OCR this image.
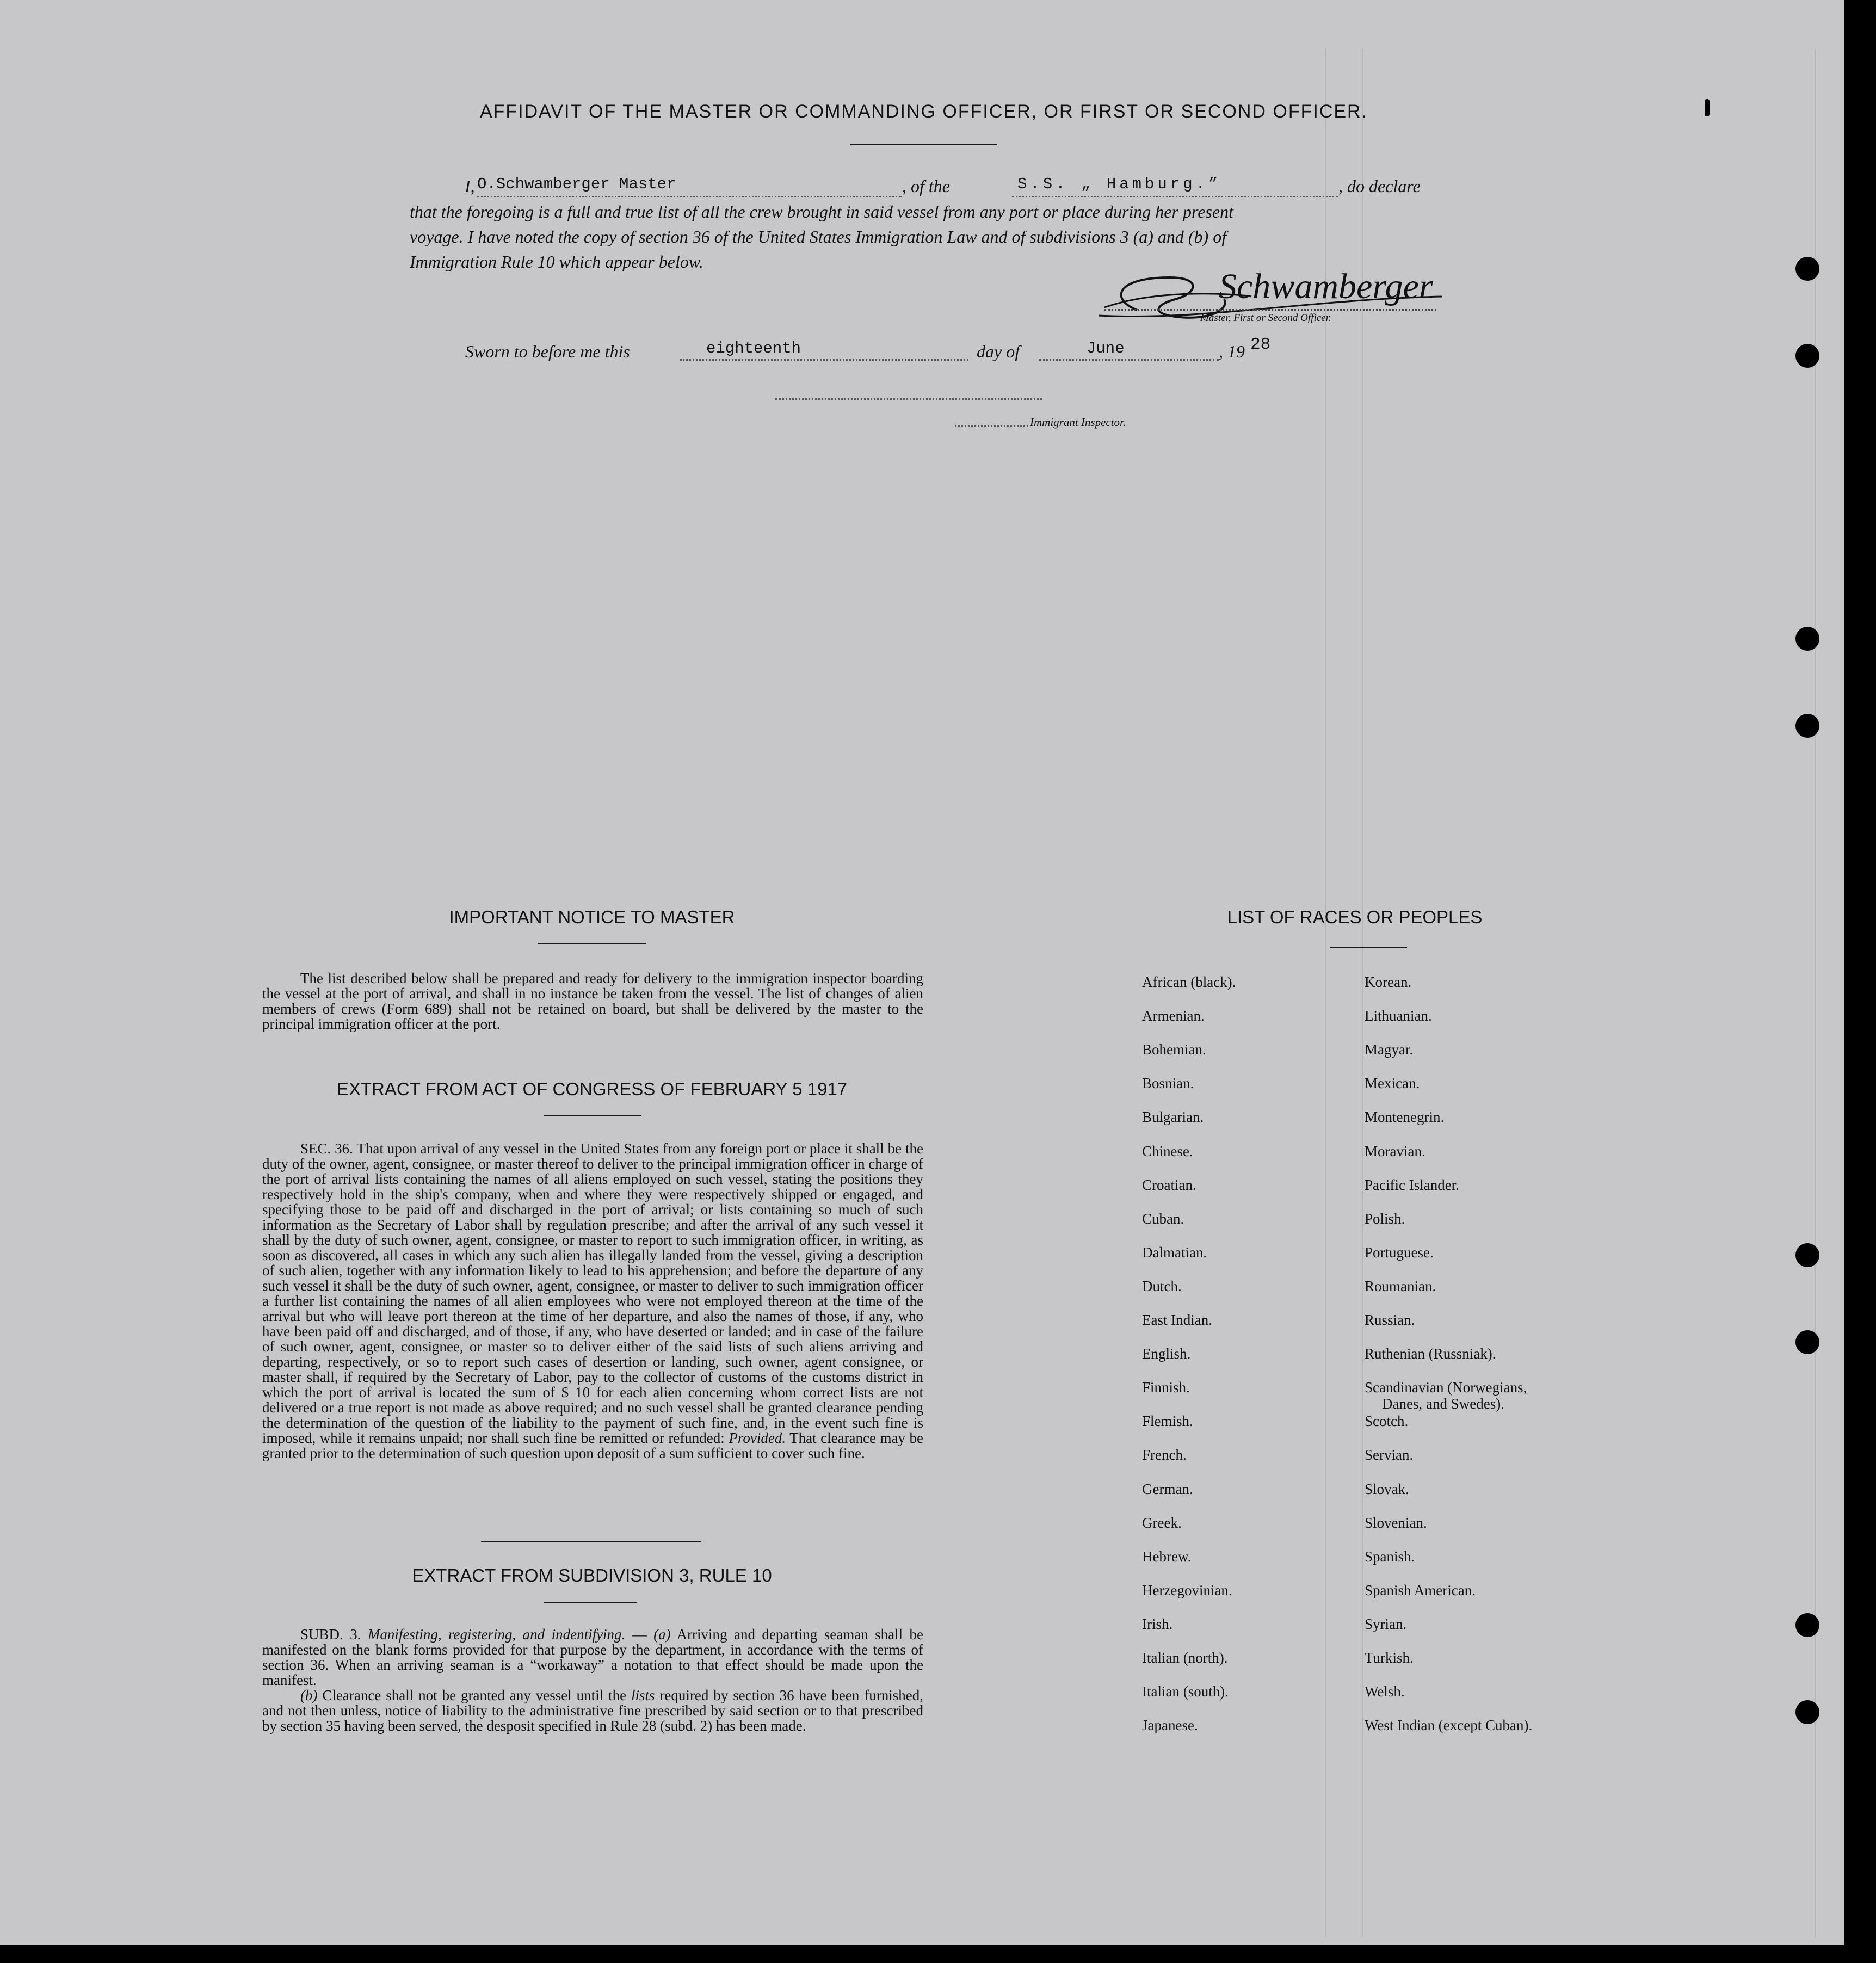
AFFIDAVIT OF THE MASTER OR COMMANDING OFFICER, OR FIRST OR SECOND OFFICER.
I, O.Schwamberger Master	, of the	S.S. „ Hamburg.”	, do declare
that the foregoing is a full and true list of all the crew brought in said vessel from any port or place during her present
voyage. I have noted the copy of section 36 of the United States Immigration Law and of subdivisions 3 (a) and (b) of
Immigration Rule 10 which appear below.
Schwamberger
Master, First or Second Officer.
Sworn to before me this	eighteenth	day of	June	, 19 28
Immigrant Inspector.
IMPORTANT NOTICE TO MASTER

The list described below shall be prepared and ready for delivery to the immigration inspector boarding the vessel at the port of arrival, and shall in no instance be taken from the vessel. The list of changes of alien members of crews (Form 689) shall not be retained on board, but shall be delivered by the master to the principal immigration officer at the port.

EXTRACT FROM ACT OF CONGRESS OF FEBRUARY 5 1917

SEC. 36. That upon arrival of any vessel in the United States from any foreign port or place it shall be the duty of the owner, agent, consignee, or master thereof to deliver to the principal immigration officer in charge of the port of arrival lists containing the names of all aliens employed on such vessel, stating the positions they respectively hold in the ship's company, when and where they were respectively shipped or engaged, and specifying those to be paid off and discharged in the port of arrival; or lists containing so much of such information as the Secretary of Labor shall by regulation prescribe; and after the arrival of any such vessel it shall by the duty of such owner, agent, consignee, or master to report to such immigration officer, in writing, as soon as discovered, all cases in which any such alien has illegally landed from the vessel, giving a description of such alien, together with any information likely to lead to his apprehension; and before the departure of any such vessel it shall be the duty of such owner, agent, consignee, or master to deliver to such immigration officer a further list containing the names of all alien employees who were not employed thereon at the time of the arrival but who will leave port thereon at the time of her departure, and also the names of those, if any, who have been paid off and discharged, and of those, if any, who have deserted or landed; and in case of the failure of such owner, agent, consignee, or master so to deliver either of the said lists of such aliens arriving and departing, respectively, or so to report such cases of desertion or landing, such owner, agent consignee, or master shall, if required by the Secretary of Labor, pay to the collector of customs of the customs district in which the port of arrival is located the sum of $ 10 for each alien concerning whom correct lists are not delivered or a true report is not made as above required; and no such vessel shall be granted clearance pending the determination of the question of the liability to the payment of such fine, and, in the event such fine is imposed, while it remains unpaid; nor shall such fine be remitted or refunded: Provided. That clearance may be granted prior to the determination of such question upon deposit of a sum sufficient to cover such fine.

EXTRACT FROM SUBDIVISION 3, RULE 10

SUBD. 3. Manifesting, registering, and indentifying. — (a) Arriving and departing seaman shall be manifested on the blank forms provided for that purpose by the department, in accordance with the terms of section 36. When an arriving seaman is a “workaway” a notation to that effect should be made upon the manifest.

(b) Clearance shall not be granted any vessel until the lists required by section 36 have been furnished, and not then unless, notice of liability to the administrative fine prescribed by said section or to that prescribed by section 35 having been served, the desposit specified in Rule 28 (subd. 2) has been made.

LIST OF RACES OR PEOPLES
African (black).
Armenian.
Bohemian.
Bosnian.
Bulgarian.
Chinese.
Croatian.
Cuban.
Dalmatian.
Dutch.
East Indian.
English.
Finnish.
Flemish.
French.
German.
Greek.
Hebrew.
Herzegovinian.
Irish.
Italian (north).
Italian (south).
Japanese.
Korean.
Lithuanian.
Magyar.
Mexican.
Montenegrin.
Moravian.
Pacific Islander.
Polish.
Portuguese.
Roumanian.
Russian.
Ruthenian (Russniak).
Scandinavian (Norwegians,
Danes, and Swedes).
Scotch.
Servian.
Slovak.
Slovenian.
Spanish.
Spanish American.
Syrian.
Turkish.
Welsh.
West Indian (except Cuban).
